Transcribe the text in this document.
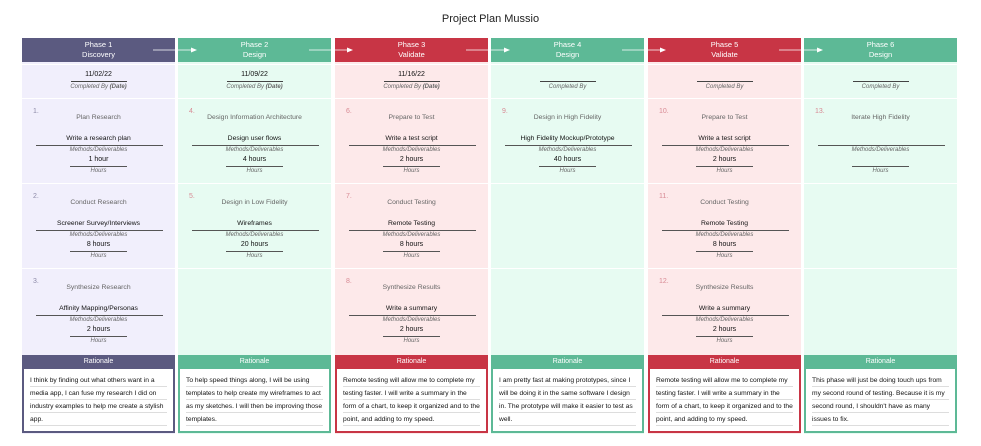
Project Plan Mussio
Phase 1
Discovery
11/02/22
Completed By (Date)
1.
Plan Research
Write a research plan
Methods/Deliverables
1 hour
Hours
2.
Conduct Research
Screener Survey/Interviews
Methods/Deliverables
8 hours
Hours
3.
Synthesize Research
Affinity Mapping/Personas
Methods/Deliverables
2 hours
Hours
Rationale
I think by finding out what others want in a media app, I can fuse my research I did on industry examples to help me create a stylish app.
Phase 2
Design
11/09/22
Completed By (Date)
4.
Design Information Architecture
Design user flows
Methods/Deliverables
4 hours
Hours
5.
Design in Low Fidelity
Wireframes
Methods/Deliverables
20 hours
Hours
Rationale
To help speed things along, I will be using templates to help create my wireframes to act as my sketches. I will then be improving those templates.
Phase 3
Validate
11/16/22
Completed By (Date)
6.
Prepare to Test
Write a test script
Methods/Deliverables
2 hours
Hours
7.
Conduct Testing
Remote Testing
Methods/Deliverables
8 hours
Hours
8.
Synthesize Results
Write a summary
Methods/Deliverables
2 hours
Hours
Rationale
Remote testing will allow me to complete my testing faster. I will write a summary in the form of a chart, to keep it organized and to the point, and adding to my speed.
Phase 4
Design
Completed By
9.
Design in High Fidelity
High Fidelity Mockup/Prototype
Methods/Deliverables
40 hours
Hours
Rationale
I am pretty fast at making prototypes, since I will be doing it in the same software I design in. The prototype will make it easier to test as well.
Phase 5
Validate
Completed By
10.
Prepare to Test
Write a test script
Methods/Deliverables
2 hours
Hours
11.
Conduct Testing
Remote Testing
Methods/Deliverables
8 hours
Hours
12.
Synthesize Results
Write a summary
Methods/Deliverables
2 hours
Hours
Rationale
Remote testing will allow me to complete my testing faster. I will write a summary in the form of a chart, to keep it organized and to the point, and adding to my speed.
Phase 6
Design
Completed By
13.
Iterate High Fidelity
Methods/Deliverables
Hours
Rationale
This phase will just be doing touch ups from my second round of testing. Because it is my second round, I shouldn't have as many issues to fix.
